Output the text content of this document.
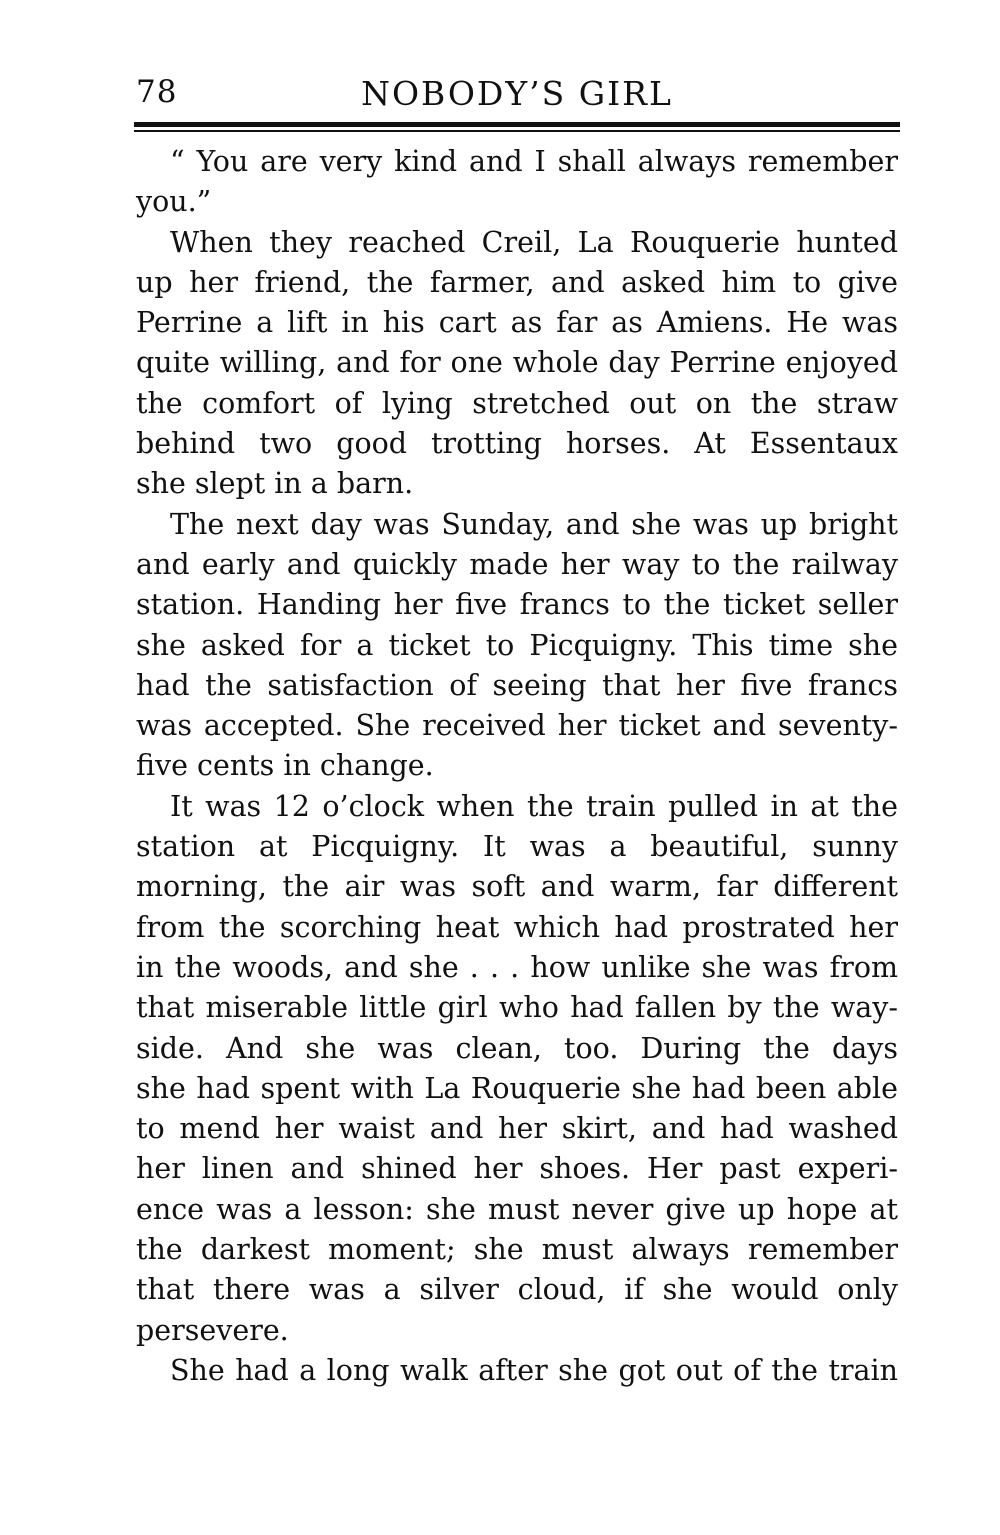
78	NOBODY’S GIRL
“ You are very kind and I shall always remember
you.”
When they reached Creil, La Rouquerie hunted
up her friend, the farmer, and asked him to give
Perrine a lift in his cart as far as Amiens. He was
quite willing, and for one whole day Perrine enjoyed
the comfort of lying stretched out on the straw
behind two good trotting horses. At Essentaux
she slept in a barn.
The next day was Sunday, and she was up bright
and early and quickly made her way to the railway
station. Handing her five francs to the ticket seller
she asked for a ticket to Picquigny. This time she
had the satisfaction of seeing that her five francs
was accepted. She received her ticket and seventy-
five cents in change.
It was 12 o’clock when the train pulled in at the
station at Picquigny. It was a beautiful, sunny
morning, the air was soft and warm, far different
from the scorching heat which had prostrated her
in the woods, and she . . . how unlike she was from
that miserable little girl who had fallen by the way-
side. And she was clean, too. During the days
she had spent with La Rouquerie she had been able
to mend her waist and her skirt, and had washed
her linen and shined her shoes. Her past experi-
ence was a lesson: she must never give up hope at
the darkest moment; she must always remember
that there was a silver cloud, if she would only
persevere.
She had a long walk after she got out of the train
